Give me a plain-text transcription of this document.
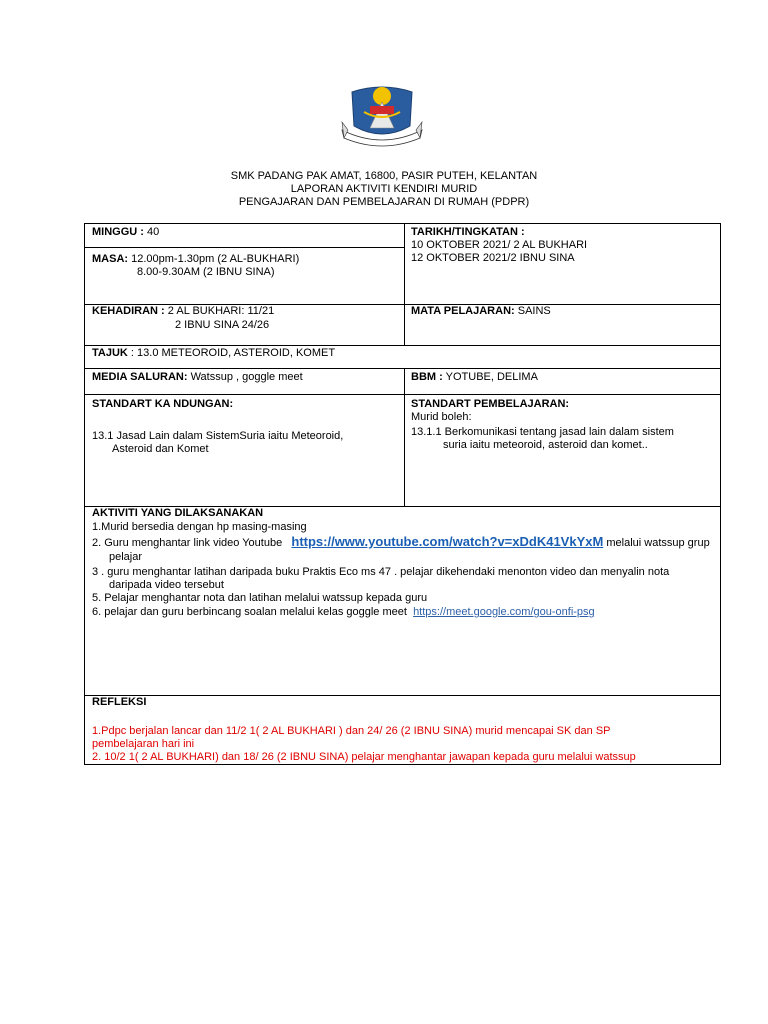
SMK PADANG PAK AMAT, 16800, PASIR PUTEH, KELANTAN
LAPORAN AKTIVITI KENDIRI MURID
PENGAJARAN DAN PEMBELAJARAN DI RUMAH (PDPR)
MINGGU : 40	TARIKH/TINGKATAN :
10 OKTOBER 2021/ 2 AL BUKHARI
12 OKTOBER 2021/2 IBNU SINA
MASA: 12.00pm-1.30pm (2 AL-BUKHARI)
8.00-9.30AM (2 IBNU SINA)
KEHADIRAN : 2 AL BUKHARI: 11/21
2 IBNU SINA 24/26
MATA PELAJARAN: SAINS
TAJUK : 13.0 METEOROID, ASTEROID, KOMET
MEDIA SALURAN: Watssup , goggle meet	BBM : YOTUBE, DELIMA
STANDART KA NDUNGAN:
13.1 Jasad Lain dalam SistemSuria iaitu Meteoroid,
Asteroid dan Komet
STANDART PEMBELAJARAN:
Murid boleh:
13.1.1 Berkomunikasi tentang jasad lain dalam sistem
suria iaitu meteoroid, asteroid dan komet..
AKTIVITI YANG DILAKSANAKAN
1.Murid bersedia dengan hp masing-masing
2. Guru menghantar link video Youtube https://www.youtube.com/watch?v=xDdK41VkYxM melalui watssup grup
pelajar
3 . guru menghantar latihan daripada buku Praktis Eco ms 47 . pelajar dikehendaki menonton video dan menyalin nota
daripada video tersebut
5. Pelajar menghantar nota dan latihan melalui watssup kepada guru
6. pelajar dan guru berbincang soalan melalui kelas goggle meet https://meet.google.com/gou-onfi-psg
REFLEKSI
1.Pdpc berjalan lancar dan 11/2 1( 2 AL BUKHARI ) dan 24/ 26 (2 IBNU SINA) murid mencapai SK dan SP
pembelajaran hari ini
2. 10/2 1( 2 AL BUKHARI) dan 18/ 26 (2 IBNU SINA) pelajar menghantar jawapan kepada guru melalui watssup
